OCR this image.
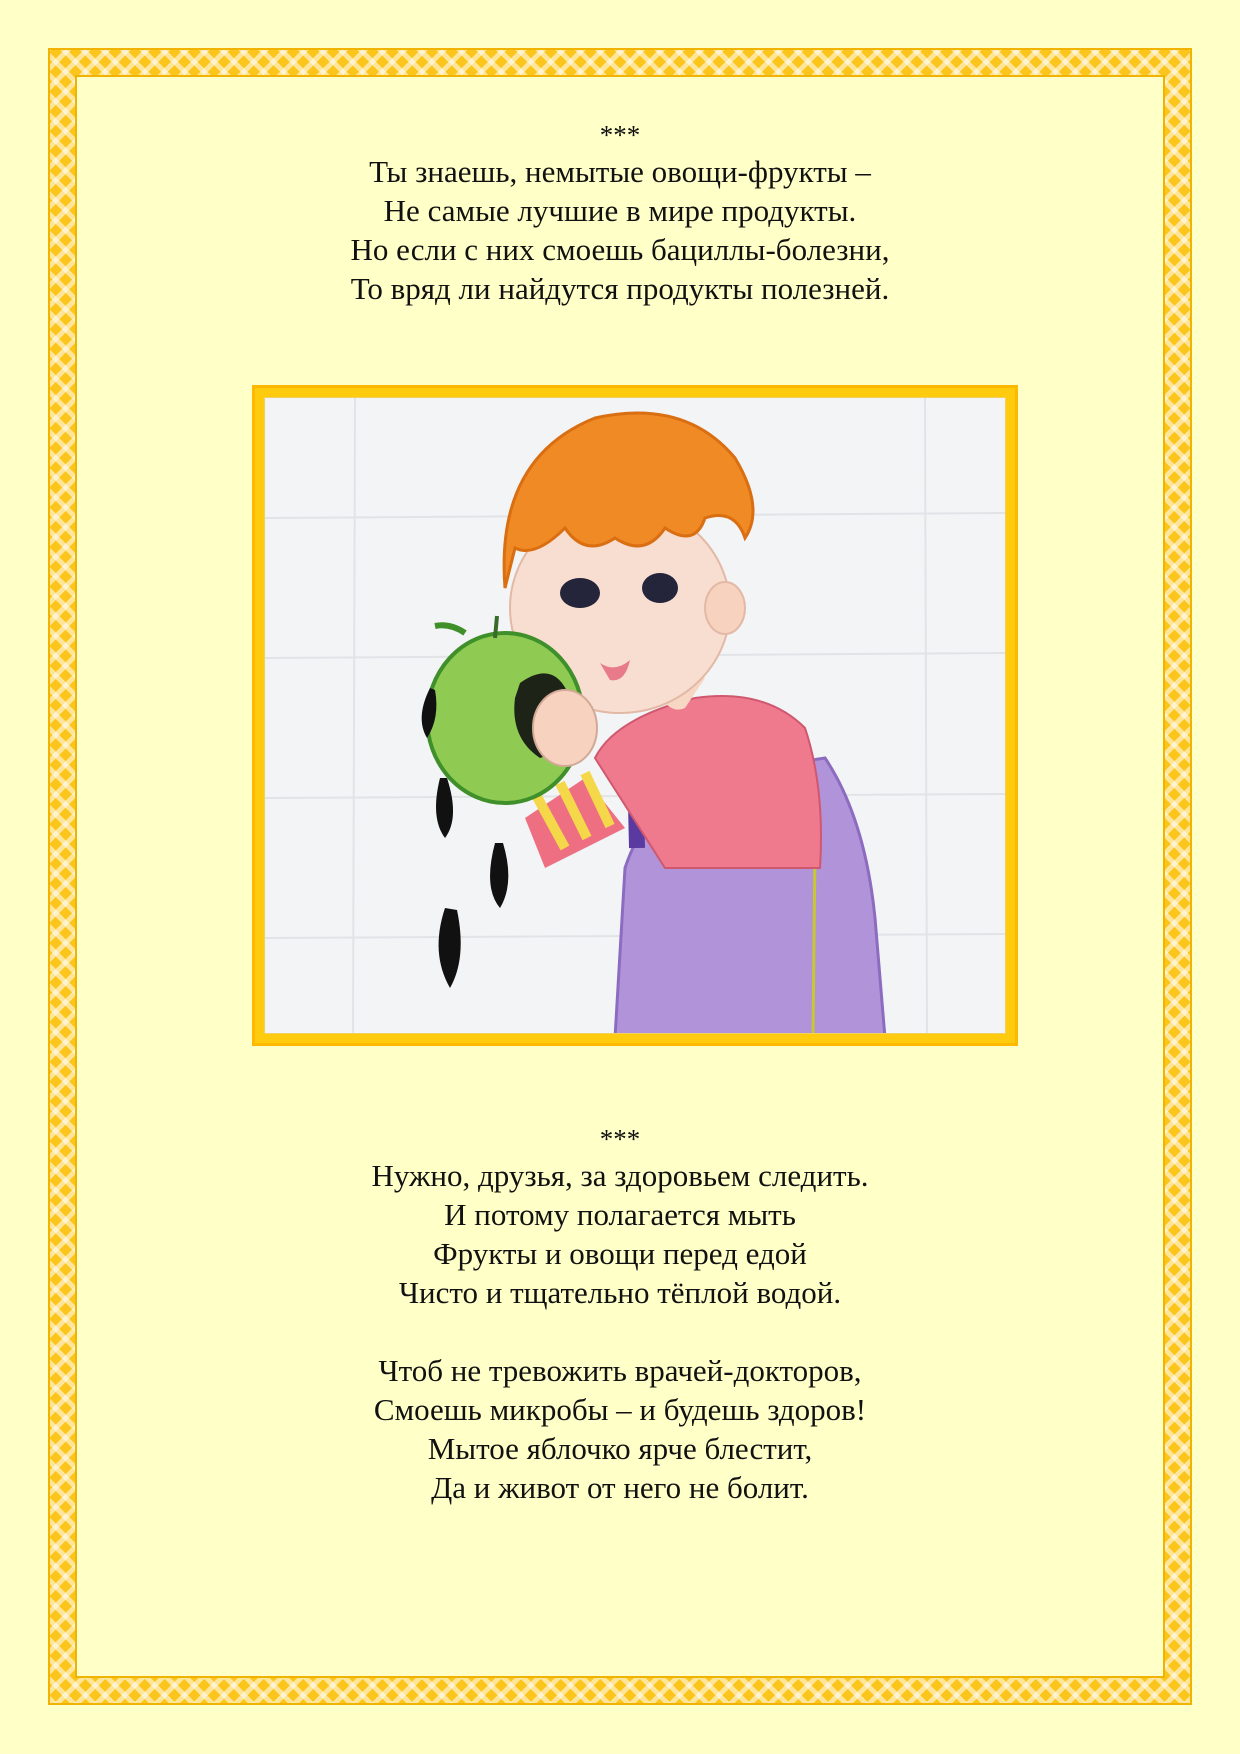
***
Ты знаешь, немытые овощи-фрукты –
Не самые лучшие в мире продукты.
Но если с них смоешь бациллы-болезни,
То вряд ли найдутся продукты полезней.
***
Нужно, друзья, за здоровьем следить.
И потому полагается мыть
Фрукты и овощи перед едой
Чисто и тщательно тёплой водой.
Чтоб не тревожить врачей-докторов,
Смоешь микробы – и будешь здоров!
Мытое яблочко ярче блестит,
Да и живот от него не болит.
